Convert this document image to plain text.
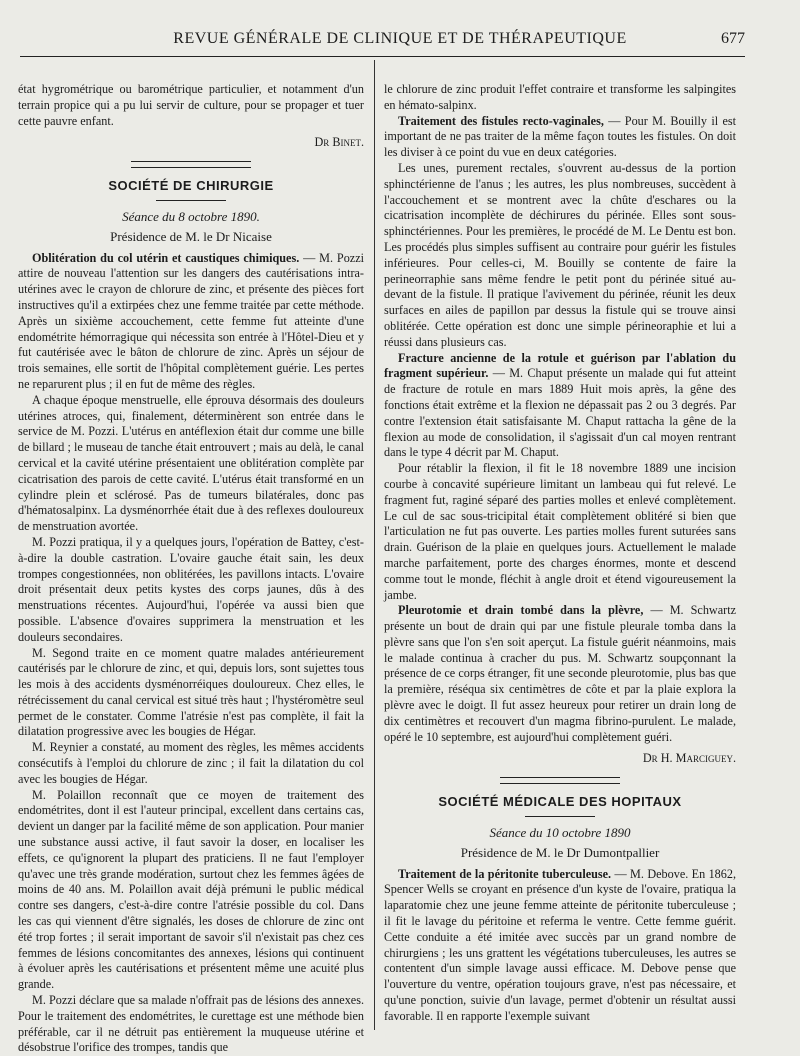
REVUE GÉNÉRALE DE CLINIQUE ET DE THÉRAPEUTIQUE	677

état hygrométrique ou barométrique particulier, et notamment d'un terrain propice qui a pu lui servir de culture, pour se propager et tuer cette pauvre enfant.

Dr Binet.
SOCIÉTÉ DE CHIRURGIE
Séance du 8 octobre 1890.
Présidence de M. le Dr Nicaise

Oblitération du col utérin et caustiques chimiques. — M. Pozzi attire de nouveau l'attention sur les dangers des cautérisations intra-utérines avec le crayon de chlorure de zinc, et présente des pièces fort instructives qu'il a extirpées chez une femme traitée par cette méthode. Après un sixième accouchement, cette femme fut atteinte d'une endométrite hémorragique qui nécessita son entrée à l'Hôtel-Dieu et y fut cautérisée avec le bâton de chlorure de zinc. Après un séjour de trois semaines, elle sortit de l'hôpital complètement guérie. Les pertes ne reparurent plus ; il en fut de même des règles.

A chaque époque menstruelle, elle éprouva désormais des douleurs utérines atroces, qui, finalement, déterminèrent son entrée dans le service de M. Pozzi. L'utérus en antéflexion était dur comme une bille de billard ; le museau de tanche était entrouvert ; mais au delà, le canal cervical et la cavité utérine présentaient une oblitération complète par cicatrisation des parois de cette cavité. L'utérus était transformé en un cylindre plein et sclérosé. Pas de tumeurs bilatérales, donc pas d'hématosalpinx. La dysménorrhée était due à des reflexes douloureux de menstruation avortée.

M. Pozzi pratiqua, il y a quelques jours, l'opération de Battey, c'est-à-dire la double castration. L'ovaire gauche était sain, les deux trompes congestionnées, non oblitérées, les pavillons intacts. L'ovaire droit présentait deux petits kystes des corps jaunes, dûs à des menstruations récentes. Aujourd'hui, l'opérée va aussi bien que possible. L'absence d'ovaires supprimera la menstruation et les douleurs secondaires.

M. Segond traite en ce moment quatre malades antérieurement cautérisés par le chlorure de zinc, et qui, depuis lors, sont sujettes tous les mois à des accidents dysménorréiques douloureux. Chez elles, le rétrécissement du canal cervical est situé très haut ; l'hystéromètre seul permet de le constater. Comme l'atrésie n'est pas complète, il fait la dilatation progressive avec les bougies de Hégar.

M. Reynier a constaté, au moment des règles, les mêmes accidents consécutifs à l'emploi du chlorure de zinc ; il fait la dilatation du col avec les bougies de Hégar.

M. Polaillon reconnaît que ce moyen de traitement des endométrites, dont il est l'auteur principal, excellent dans certains cas, devient un danger par la facilité même de son application. Pour manier une substance aussi active, il faut savoir la doser, en localiser les effets, ce qu'ignorent la plupart des praticiens. Il ne faut l'employer qu'avec une très grande modération, surtout chez les femmes âgées de moins de 40 ans. M. Polaillon avait déjà prémuni le public médical contre ses dangers, c'est-à-dire contre l'atrésie possible du col. Dans les cas qui viennent d'être signalés, les doses de chlorure de zinc ont été trop fortes ; il serait important de savoir s'il n'existait pas chez ces femmes de lésions concomitantes des annexes, lésions qui continuent à évoluer après les cautérisations et présentent même une acuité plus grande.

M. Pozzi déclare que sa malade n'offrait pas de lésions des annexes. Pour le traitement des endométrites, le curettage est une méthode bien préférable, car il ne détruit pas entièrement la muqueuse utérine et désobstrue l'orifice des trompes, tandis que

le chlorure de zinc produit l'effet contraire et transforme les salpingites en hémato-salpinx.

Traitement des fistules recto-vaginales, — Pour M. Bouilly il est important de ne pas traiter de la même façon toutes les fistules. On doit les diviser à ce point du vue en deux catégories.

Les unes, purement rectales, s'ouvrent au-dessus de la portion sphinctérienne de l'anus ; les autres, les plus nombreuses, succèdent à l'accouchement et se montrent avec la chûte d'eschares ou la cicatrisation incomplète de déchirures du périnée. Elles sont sous-sphinctériennes. Pour les premières, le procédé de M. Le Dentu est bon. Les procédés plus simples suffisent au contraire pour guérir les fistules inférieures. Pour celles-ci, M. Bouilly se contente de faire la perineorraphie sans même fendre le petit pont du périnée situé au-devant de la fistule. Il pratique l'avivement du périnée, réunit les deux surfaces en ailes de papillon par dessus la fistule qui se trouve ainsi oblitérée. Cette opération est donc une simple périneoraphie et lui a réussi dans plusieurs cas.

Fracture ancienne de la rotule et guérison par l'ablation du fragment supérieur. — M. Chaput présente un malade qui fut atteint de fracture de rotule en mars 1889 Huit mois après, la gêne des fonctions était extrême et la flexion ne dépassait pas 2 ou 3 degrés. Par contre l'extension était satisfaisante M. Chaput rattacha la gêne de la flexion au mode de consolidation, il s'agissait d'un cal moyen rentrant dans le type 4 décrit par M. Chaput.

Pour rétablir la flexion, il fit le 18 novembre 1889 une incision courbe à concavité supérieure limitant un lambeau qui fut relevé. Le fragment fut, raginé séparé des parties molles et enlevé complètement. Le cul de sac sous-tricipital était complètement oblitéré si bien que l'articulation ne fut pas ouverte. Les parties molles furent suturées sans drain. Guérison de la plaie en quelques jours. Actuellement le malade marche parfaitement, porte des charges énormes, monte et descend comme tout le monde, fléchit à angle droit et étend vigoureusement la jambe.

Pleurotomie et drain tombé dans la plèvre, — M. Schwartz présente un bout de drain qui par une fistule pleurale tomba dans la plèvre sans que l'on s'en soit aperçut. La fistule guérit néanmoins, mais le malade continua à cracher du pus. M. Schwartz soupçonnant la présence de ce corps étranger, fit une seconde pleurotomie, plus bas que la première, réséqua six centimètres de côte et par la plaie explora la plèvre avec le doigt. Il fut assez heureux pour retirer un drain long de dix centimètres et recouvert d'un magma fibrino-purulent. Le malade, opéré le 10 septembre, est aujourd'hui complètement guéri.

Dr H. Marciguey.
SOCIÉTÉ MÉDICALE DES HOPITAUX
Séance du 10 octobre 1890
Présidence de M. le Dr Dumontpallier

Traitement de la péritonite tuberculeuse. — M. Debove. En 1862, Spencer Wells se croyant en présence d'un kyste de l'ovaire, pratiqua la laparatomie chez une jeune femme atteinte de péritonite tuberculeuse ; il fit le lavage du péritoine et referma le ventre. Cette femme guérit. Cette conduite a été imitée avec succès par un grand nombre de chirurgiens ; les uns grattent les végétations tuberculeuses, les autres se contentent d'un simple lavage aussi efficace. M. Debove pense que l'ouverture du ventre, opération toujours grave, n'est pas nécessaire, et qu'une ponction, suivie d'un lavage, permet d'obtenir un résultat aussi favorable. Il en rapporte l'exemple suivant
